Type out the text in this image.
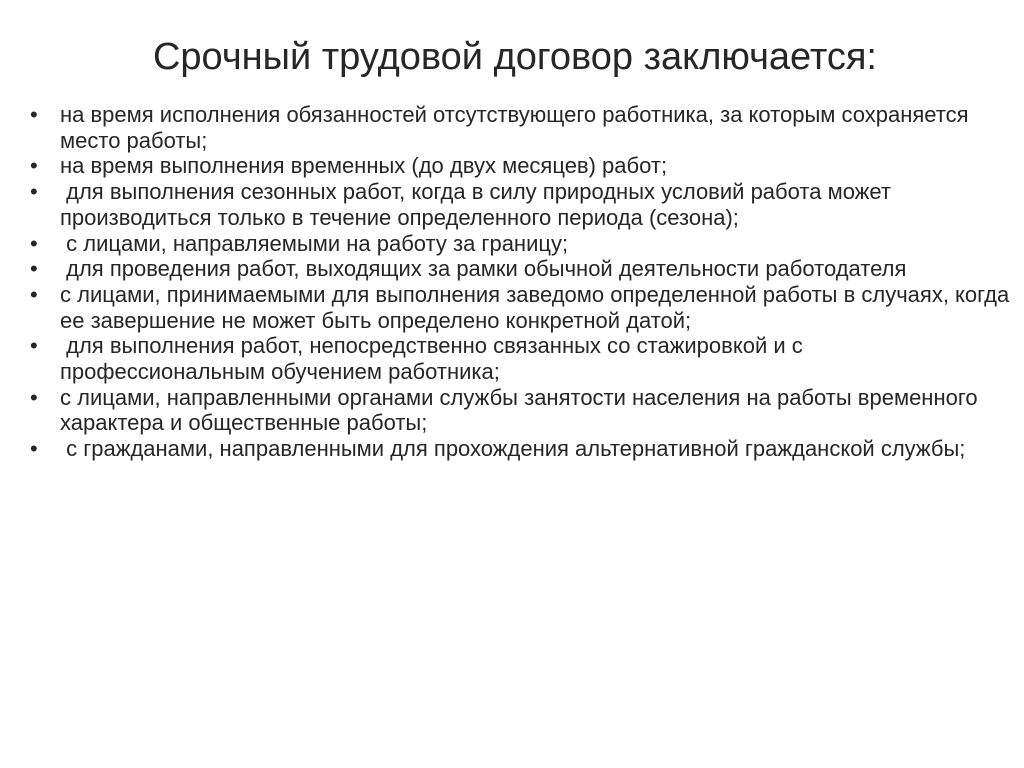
Срочный трудовой договор заключается:
•	на время исполнения обязанностей отсутствующего работника, за которым сохраняется место работы;
•	на время выполнения временных (до двух месяцев) работ;
•	для выполнения сезонных работ, когда в силу природных условий работа может производиться только в течение определенного периода (сезона);
•	с лицами, направляемыми на работу за границу;
•	для проведения работ, выходящих за рамки обычной деятельности работодателя
•	с лицами, принимаемыми для выполнения заведомо определенной работы в случаях, когда ее завершение не может быть определено конкретной датой;
•	для выполнения работ, непосредственно связанных со стажировкой и с профессиональным обучением работника;
•	с лицами, направленными органами службы занятости населения на работы временного характера и общественные работы;
•	с гражданами, направленными для прохождения альтернативной гражданской службы;
